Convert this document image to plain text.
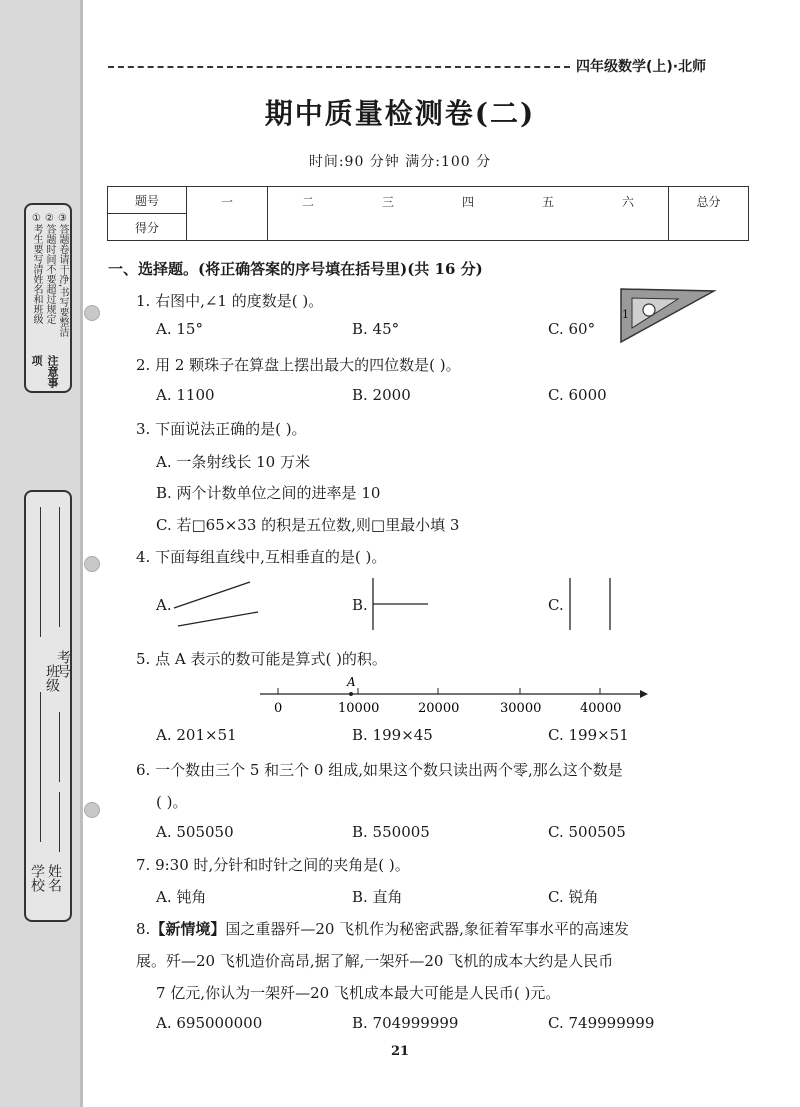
注意事项
①考生要写清姓名和班级 ②答题时间不要超过规定 ③答题卷请干净,书写要整洁
班级
考号
学校 姓名
四年级数学(上)·北师
期中质量检测卷(二)
时间:90 分钟 满分:100 分
题号	一	二	三	四	五	六	总分
得分
一、选择题。(将正确答案的序号填在括号里)(共 16 分)
1. 右图中,∠1 的度数是( )。
A. 15°	B. 45°	C. 60°
1
2. 用 2 颗珠子在算盘上摆出最大的四位数是( )。
A. 1100	B. 2000	C. 6000
3. 下面说法正确的是( )。
A. 一条射线长 10 万米
B. 两个计数单位之间的进率是 10
C. 若□65×33 的积是五位数,则□里最小填 3
4. 下面每组直线中,互相垂直的是( )。
A.	B.	C.
5. 点 A 表示的数可能是算式( )的积。
A
0	10000	20000	30000	40000
A. 201×51	B. 199×45	C. 199×51
6. 一个数由三个 5 和三个 0 组成,如果这个数只读出两个零,那么这个数是
( )。
A. 505050	B. 550005	C. 500505
7. 9:30 时,分针和时针之间的夹角是( )。
A. 钝角	B. 直角	C. 锐角
8.【新情境】国之重器歼—20 飞机作为秘密武器,象征着军事水平的高速发
展。歼—20 飞机造价高昂,据了解,一架歼—20 飞机的成本大约是人民币
7 亿元,你认为一架歼—20 飞机成本最大可能是人民币( )元。
A. 695000000	B. 704999999	C. 749999999
21
